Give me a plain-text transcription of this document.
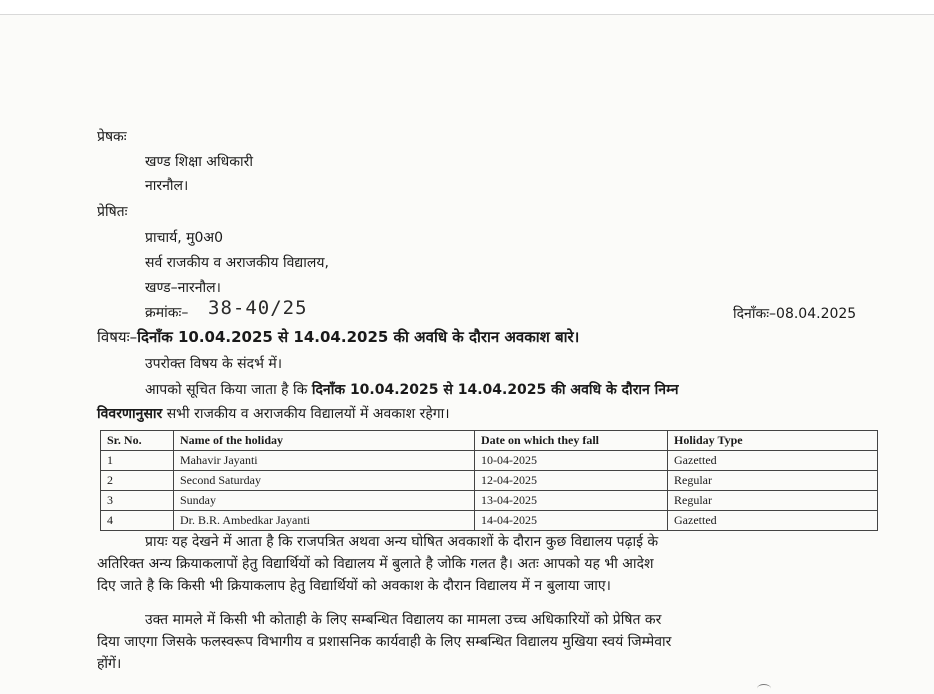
प्रेषकः
खण्ड शिक्षा अधिकारी
नारनौल।
प्रेषितः
प्राचार्य, मु0अ0
सर्व राजकीय व अराजकीय विद्यालय,
खण्ड–नारनौल।
क्रमांकः– 38-40/25	दिनाँकः–08.04.2025
विषयः–दिनाँक 10.04.2025 से 14.04.2025 की अवधि के दौरान अवकाश बारे।
उपरोक्त विषय के संदर्भ में।
आपको सूचित किया जाता है कि दिनाँक 10.04.2025 से 14.04.2025 की अवधि के दौरान निम्न
विवरणानुसार सभी राजकीय व अराजकीय विद्यालयों में अवकाश रहेगा।
Sr. No.	Name of the holiday	Date on which they fall	Holiday Type
1	Mahavir Jayanti	10-04-2025	Gazetted
2	Second Saturday	12-04-2025	Regular
3	Sunday	13-04-2025	Regular
4	Dr. B.R. Ambedkar Jayanti	14-04-2025	Gazetted
प्रायः यह देखने में आता है कि राजपत्रित अथवा अन्य घोषित अवकाशों के दौरान कुछ विद्यालय पढ़ाई के
अतिरिक्त अन्य क्रियाकलापों हेतु विद्यार्थियों को विद्यालय में बुलाते है जोकि गलत है। अतः आपको यह भी आदेश
दिए जाते है कि किसी भी क्रियाकलाप हेतु विद्यार्थियों को अवकाश के दौरान विद्यालय में न बुलाया जाए।
उक्त मामले में किसी भी कोताही के लिए सम्बन्धित विद्यालय का मामला उच्च अधिकारियों को प्रेषित कर
दिया जाएगा जिसके फलस्वरूप विभागीय व प्रशासनिक कार्यवाही के लिए सम्बन्धित विद्यालय मुखिया स्वयं जिम्मेवार
होंगें।
